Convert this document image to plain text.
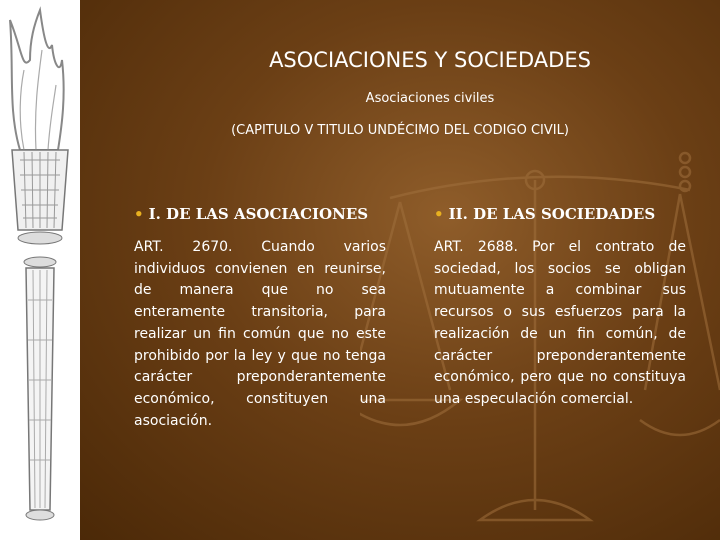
ASOCIACIONES Y SOCIEDADES
Asociaciones civiles
(CAPITULO V TITULO UNDÉCIMO DEL CODIGO CIVIL)
• I. DE LAS ASOCIACIONES
ART. 2670. Cuando varios individuos convienen en reunirse, de manera que no sea enteramente transitoria, para realizar un fin común que no este prohibido por la ley y que no tenga carácter preponderantemente económico, constituyen una asociación.
• II. DE LAS SOCIEDADES
ART. 2688. Por el contrato de sociedad, los socios se obligan mutuamente a combinar sus recursos o sus esfuerzos para la realización de un fin común, de carácter preponderantemente económico, pero que no constituya una especulación comercial.
